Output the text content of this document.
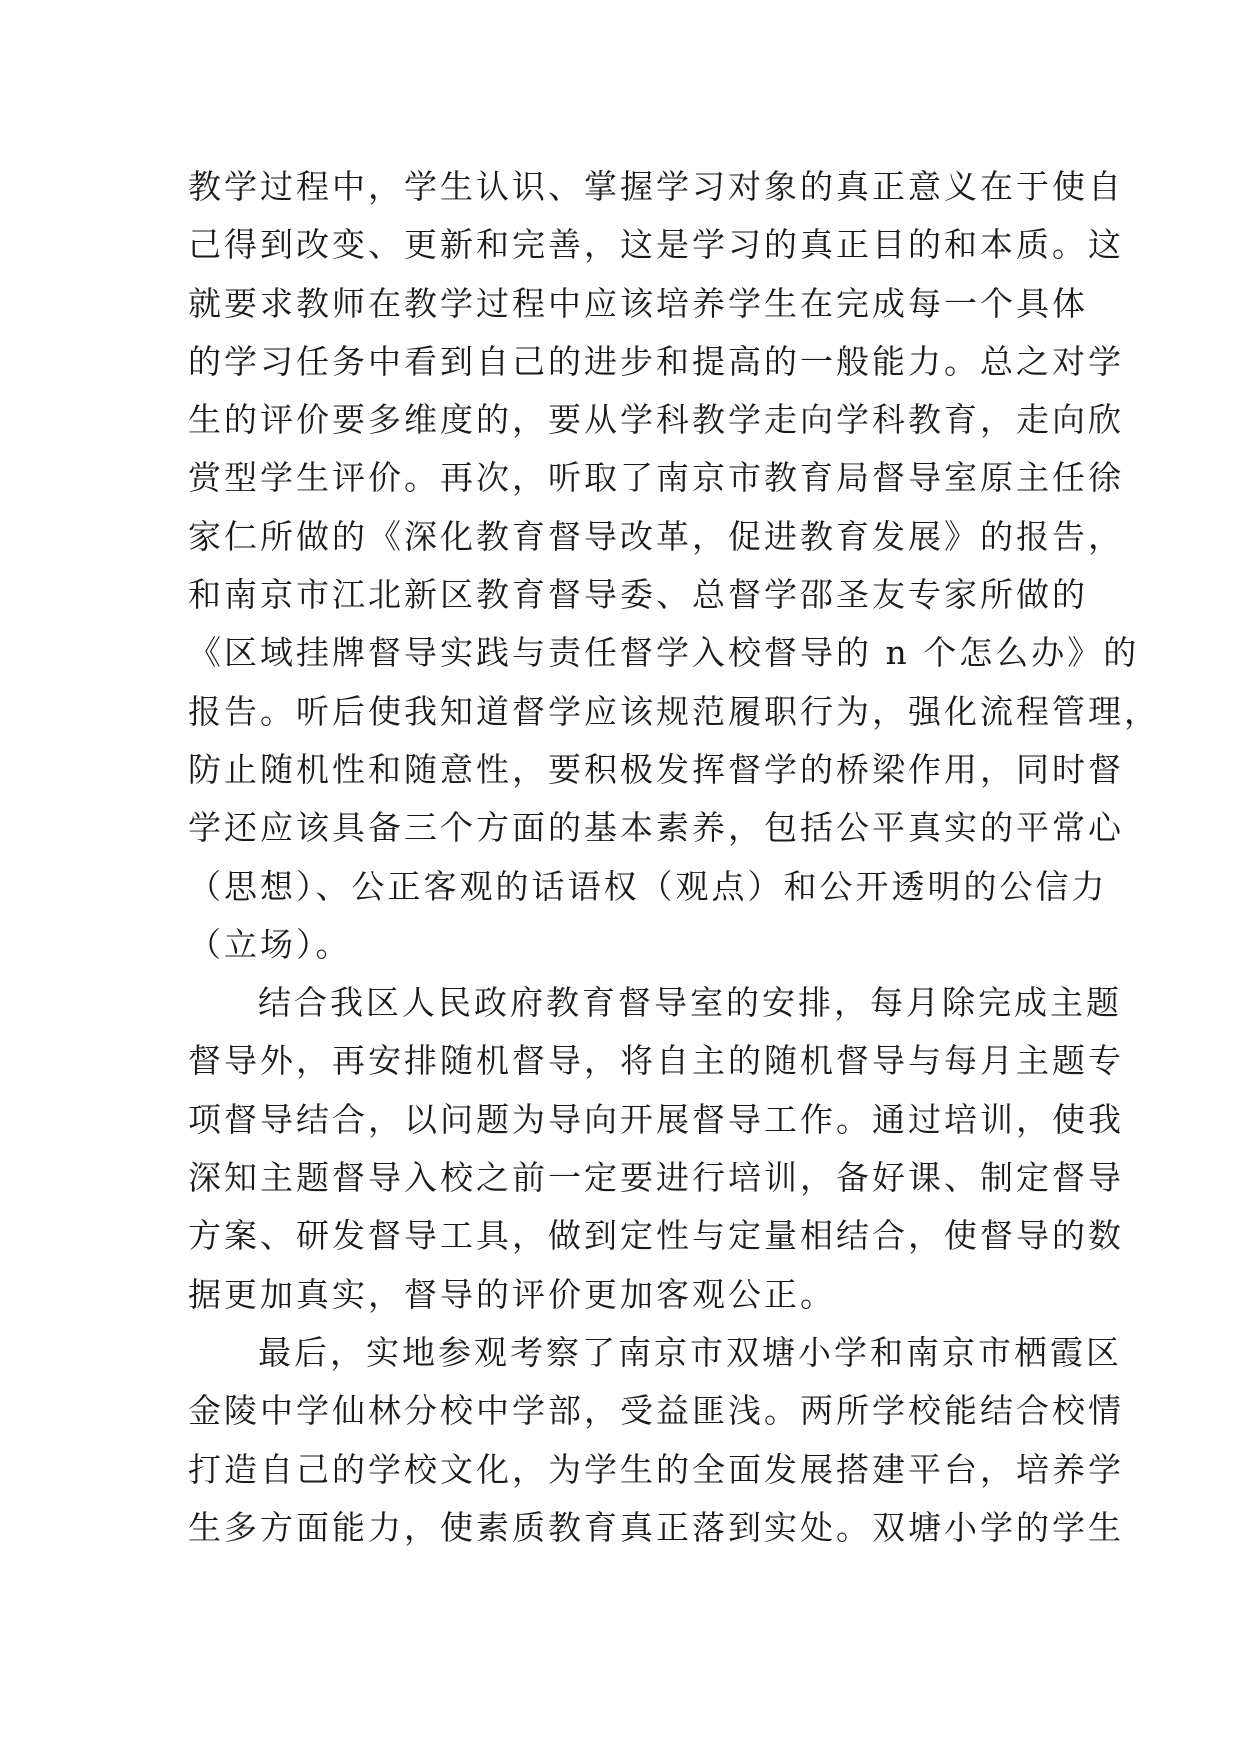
教学过程中，学生认识、掌握学习对象的真正意义在于使自
己得到改变、更新和完善，这是学习的真正目的和本质。这
就要求教师在教学过程中应该培养学生在完成每一个具体
的学习任务中看到自己的进步和提高的一般能力。总之对学
生的评价要多维度的，要从学科教学走向学科教育，走向欣
赏型学生评价。再次，听取了南京市教育局督导室原主任徐
家仁所做的《深化教育督导改革，促进教育发展》的报告，
和南京市江北新区教育督导委、总督学邵圣友专家所做的
《区域挂牌督导实践与责任督学入校督导的 n 个怎么办》的
报告。听后使我知道督学应该规范履职行为，强化流程管理，
防止随机性和随意性，要积极发挥督学的桥梁作用，同时督
学还应该具备三个方面的基本素养，包括公平真实的平常心
（思想）、公正客观的话语权（观点）和公开透明的公信力
（立场）。
结合我区人民政府教育督导室的安排，每月除完成主题
督导外，再安排随机督导，将自主的随机督导与每月主题专
项督导结合，以问题为导向开展督导工作。通过培训，使我
深知主题督导入校之前一定要进行培训，备好课、制定督导
方案、研发督导工具，做到定性与定量相结合，使督导的数
据更加真实，督导的评价更加客观公正。
最后，实地参观考察了南京市双塘小学和南京市栖霞区
金陵中学仙林分校中学部，受益匪浅。两所学校能结合校情
打造自己的学校文化，为学生的全面发展搭建平台，培养学
生多方面能力，使素质教育真正落到实处。双塘小学的学生
